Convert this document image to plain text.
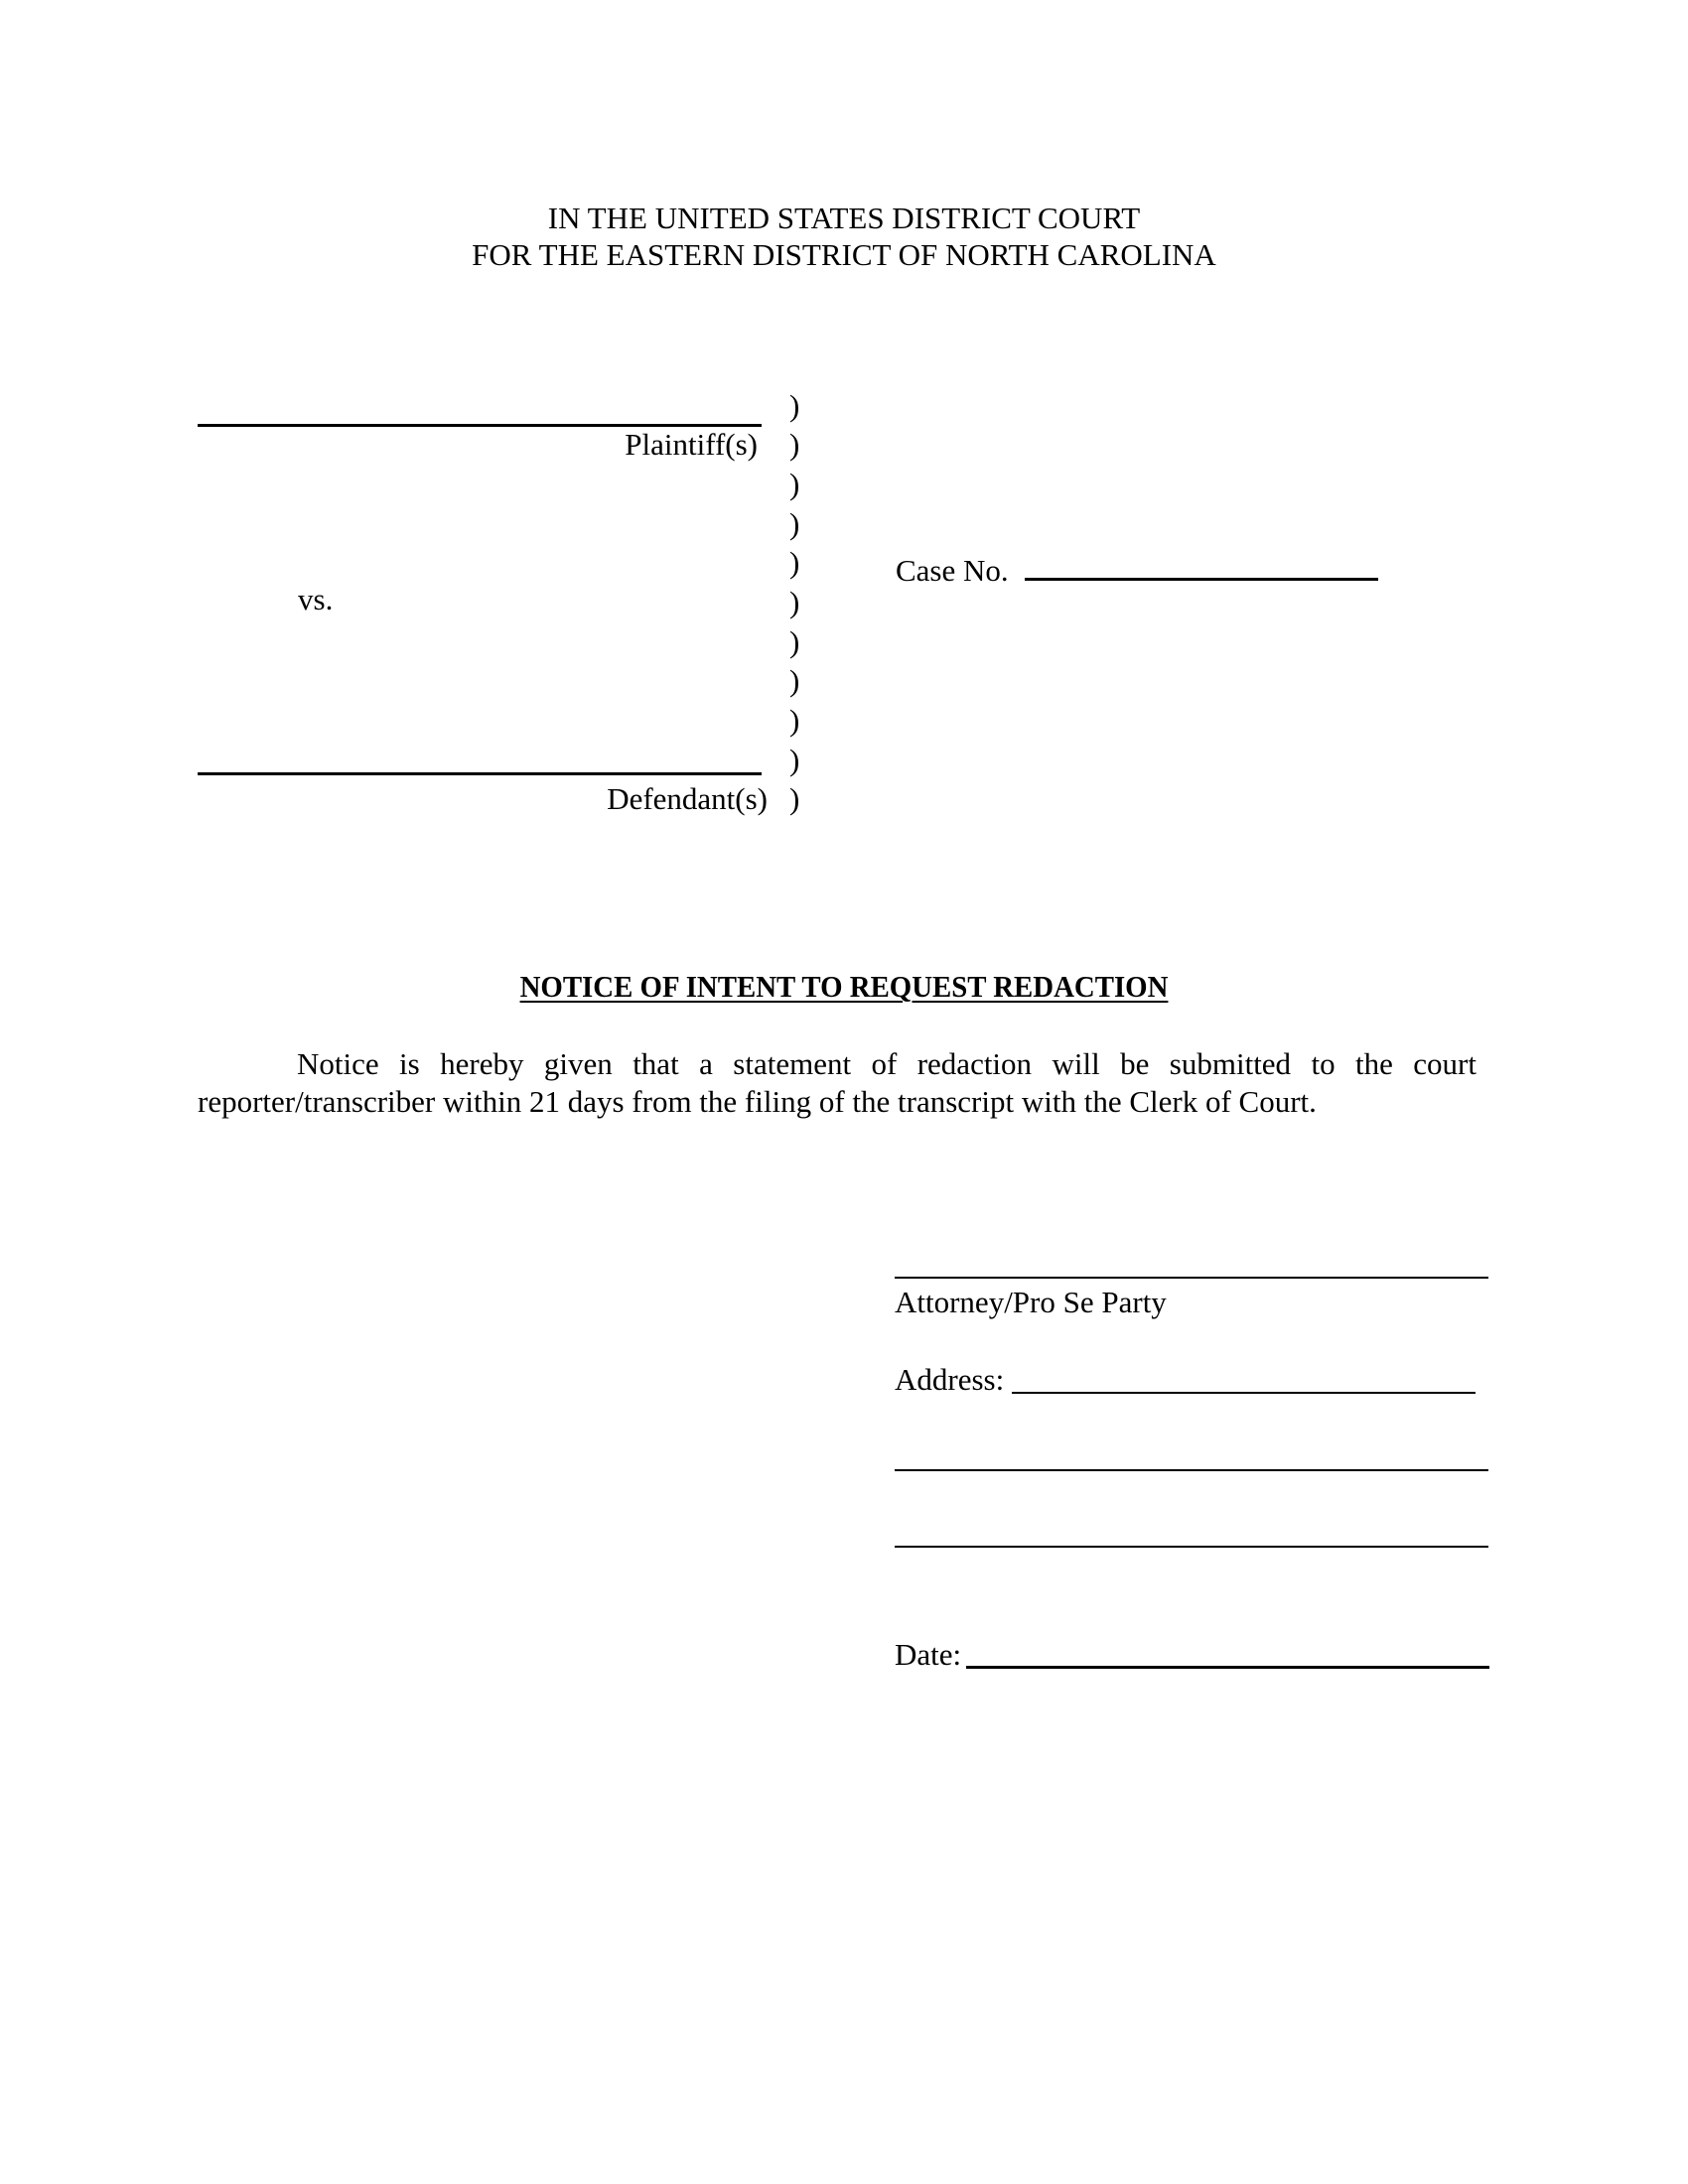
IN THE UNITED STATES DISTRICT COURT
FOR THE EASTERN DISTRICT OF NORTH CAROLINA
Plaintiff(s)
vs.
Defendant(s)
)
)
)
)
)
)
)
)
)
)
)
Case No.
NOTICE OF INTENT TO REQUEST REDACTION
Notice is hereby given that a statement of redaction will be submitted to the court reporter/transcriber within 21 days from the filing of the transcript with the Clerk of Court.
Attorney/Pro Se Party
Address:
Date:
